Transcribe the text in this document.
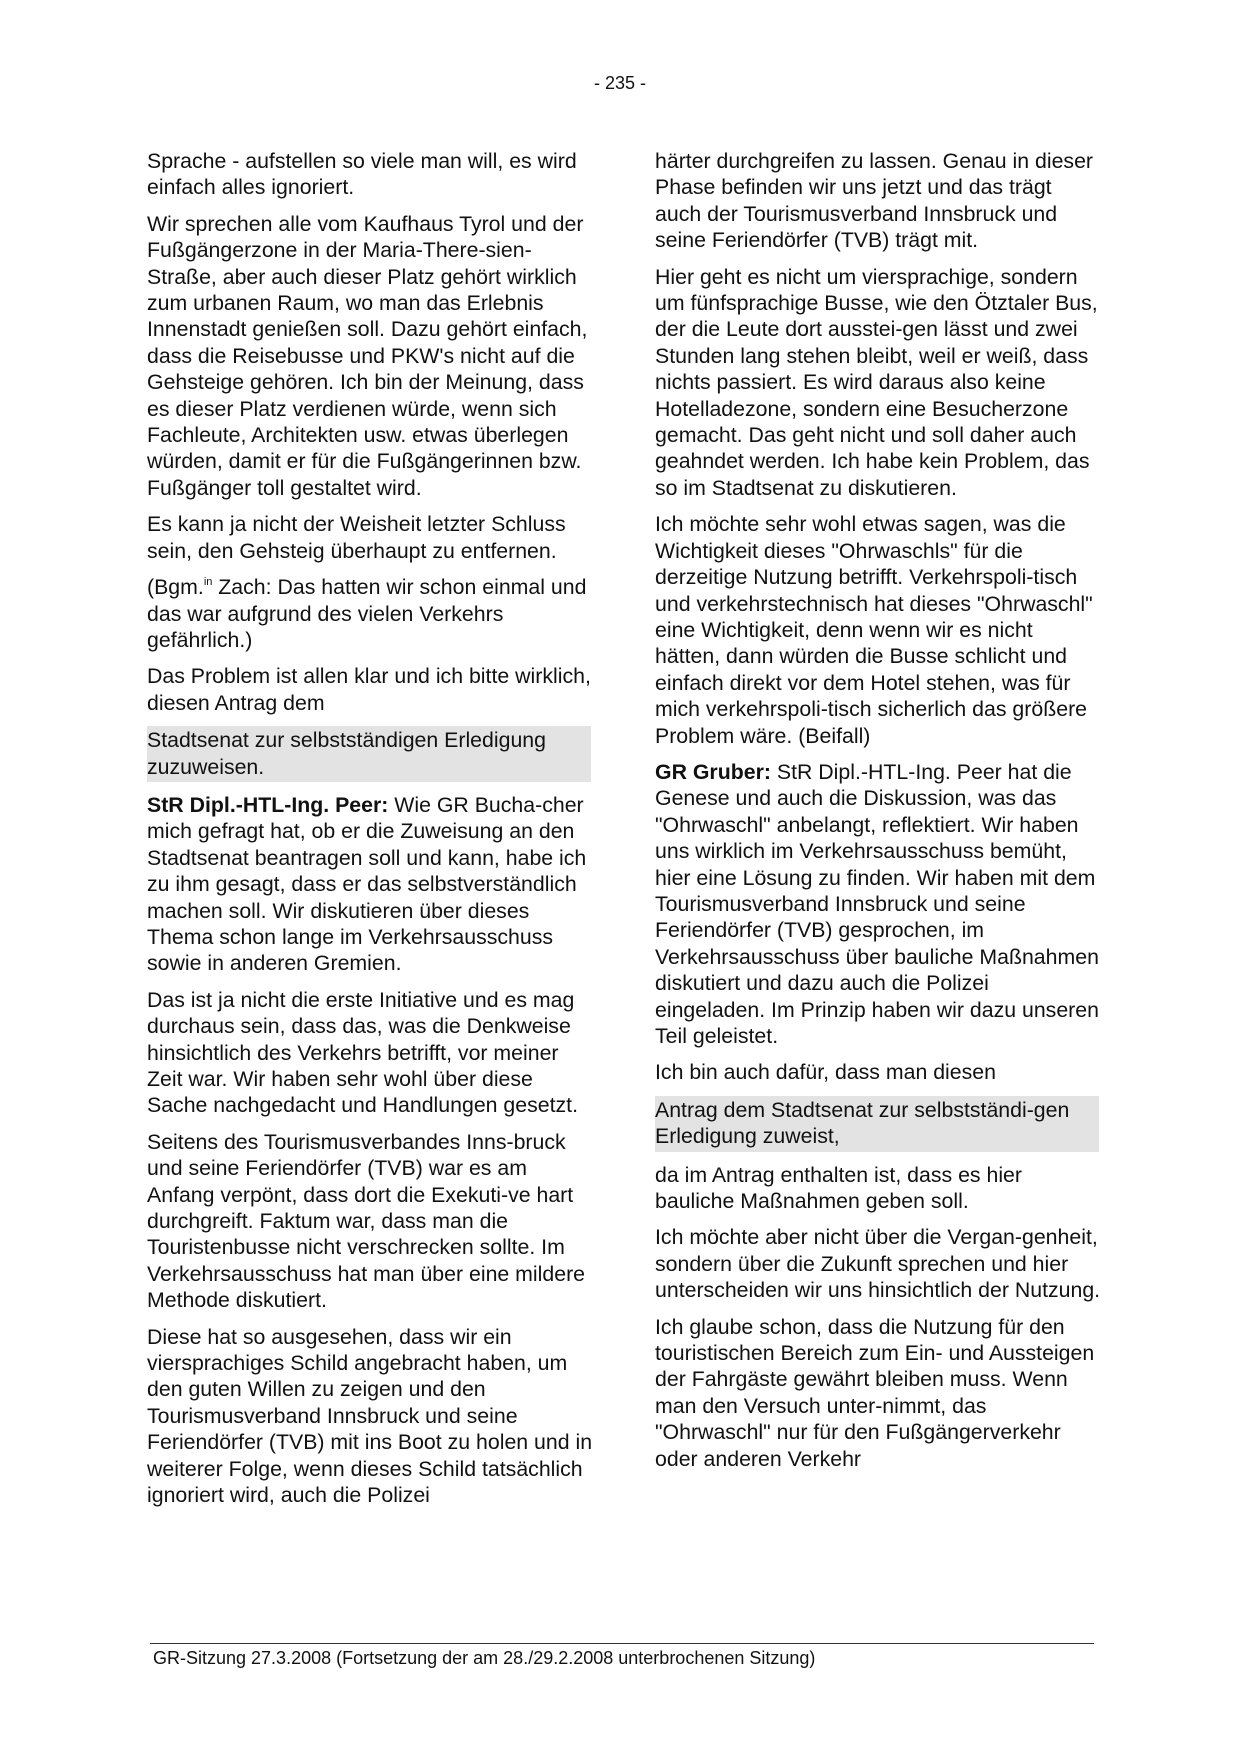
- 235 -

Sprache - aufstellen so viele man will, es wird einfach alles ignoriert.

Wir sprechen alle vom Kaufhaus Tyrol und der Fußgängerzone in der Maria-There-sien-Straße, aber auch dieser Platz gehört wirklich zum urbanen Raum, wo man das Erlebnis Innenstadt genießen soll. Dazu gehört einfach, dass die Reisebusse und PKW's nicht auf die Gehsteige gehören. Ich bin der Meinung, dass es dieser Platz verdienen würde, wenn sich Fachleute, Architekten usw. etwas überlegen würden, damit er für die Fußgängerinnen bzw. Fußgänger toll gestaltet wird.

Es kann ja nicht der Weisheit letzter Schluss sein, den Gehsteig überhaupt zu entfernen.

(Bgm.$^{in}$ Zach: Das hatten wir schon einmal und das war aufgrund des vielen Verkehrs gefährlich.)

Das Problem ist allen klar und ich bitte wirklich, diesen Antrag dem

Stadtsenat zur selbstständigen Erledigung zuzuweisen.

StR Dipl.-HTL-Ing. Peer: Wie GR Bucha-cher mich gefragt hat, ob er die Zuweisung an den Stadtsenat beantragen soll und kann, habe ich zu ihm gesagt, dass er das selbstverständlich machen soll. Wir diskutieren über dieses Thema schon lange im Verkehrsausschuss sowie in anderen Gremien.

Das ist ja nicht die erste Initiative und es mag durchaus sein, dass das, was die Denkweise hinsichtlich des Verkehrs betrifft, vor meiner Zeit war. Wir haben sehr wohl über diese Sache nachgedacht und Handlungen gesetzt.

Seitens des Tourismusverbandes Inns-bruck und seine Feriendörfer (TVB) war es am Anfang verpönt, dass dort die Exekuti-ve hart durchgreift. Faktum war, dass man die Touristenbusse nicht verschrecken sollte. Im Verkehrsausschuss hat man über eine mildere Methode diskutiert.

Diese hat so ausgesehen, dass wir ein viersprachiges Schild angebracht haben, um den guten Willen zu zeigen und den Tourismusverband Innsbruck und seine Feriendörfer (TVB) mit ins Boot zu holen und in weiterer Folge, wenn dieses Schild tatsächlich ignoriert wird, auch die Polizei

härter durchgreifen zu lassen. Genau in dieser Phase befinden wir uns jetzt und das trägt auch der Tourismusverband Innsbruck und seine Feriendörfer (TVB) trägt mit.

Hier geht es nicht um viersprachige, sondern um fünfsprachige Busse, wie den Ötztaler Bus, der die Leute dort ausstei-gen lässt und zwei Stunden lang stehen bleibt, weil er weiß, dass nichts passiert. Es wird daraus also keine Hotelladezone, sondern eine Besucherzone gemacht. Das geht nicht und soll daher auch geahndet werden. Ich habe kein Problem, das so im Stadtsenat zu diskutieren.

Ich möchte sehr wohl etwas sagen, was die Wichtigkeit dieses "Ohrwaschls" für die derzeitige Nutzung betrifft. Verkehrspoli-tisch und verkehrstechnisch hat dieses "Ohrwaschl" eine Wichtigkeit, denn wenn wir es nicht hätten, dann würden die Busse schlicht und einfach direkt vor dem Hotel stehen, was für mich verkehrspoli-tisch sicherlich das größere Problem wäre. (Beifall)

GR Gruber: StR Dipl.-HTL-Ing. Peer hat die Genese und auch die Diskussion, was das "Ohrwaschl" anbelangt, reflektiert. Wir haben uns wirklich im Verkehrsausschuss bemüht, hier eine Lösung zu finden. Wir haben mit dem Tourismusverband Innsbruck und seine Feriendörfer (TVB) gesprochen, im Verkehrsausschuss über bauliche Maßnahmen diskutiert und dazu auch die Polizei eingeladen. Im Prinzip haben wir dazu unseren Teil geleistet.

Ich bin auch dafür, dass man diesen

Antrag dem Stadtsenat zur selbstständi-gen Erledigung zuweist,

da im Antrag enthalten ist, dass es hier bauliche Maßnahmen geben soll.

Ich möchte aber nicht über die Vergan-genheit, sondern über die Zukunft sprechen und hier unterscheiden wir uns hinsichtlich der Nutzung.

Ich glaube schon, dass die Nutzung für den touristischen Bereich zum Ein- und Aussteigen der Fahrgäste gewährt bleiben muss. Wenn man den Versuch unter-nimmt, das "Ohrwaschl" nur für den Fußgängerverkehr oder anderen Verkehr

GR-Sitzung 27.3.2008 (Fortsetzung der am 28./29.2.2008 unterbrochenen Sitzung)
